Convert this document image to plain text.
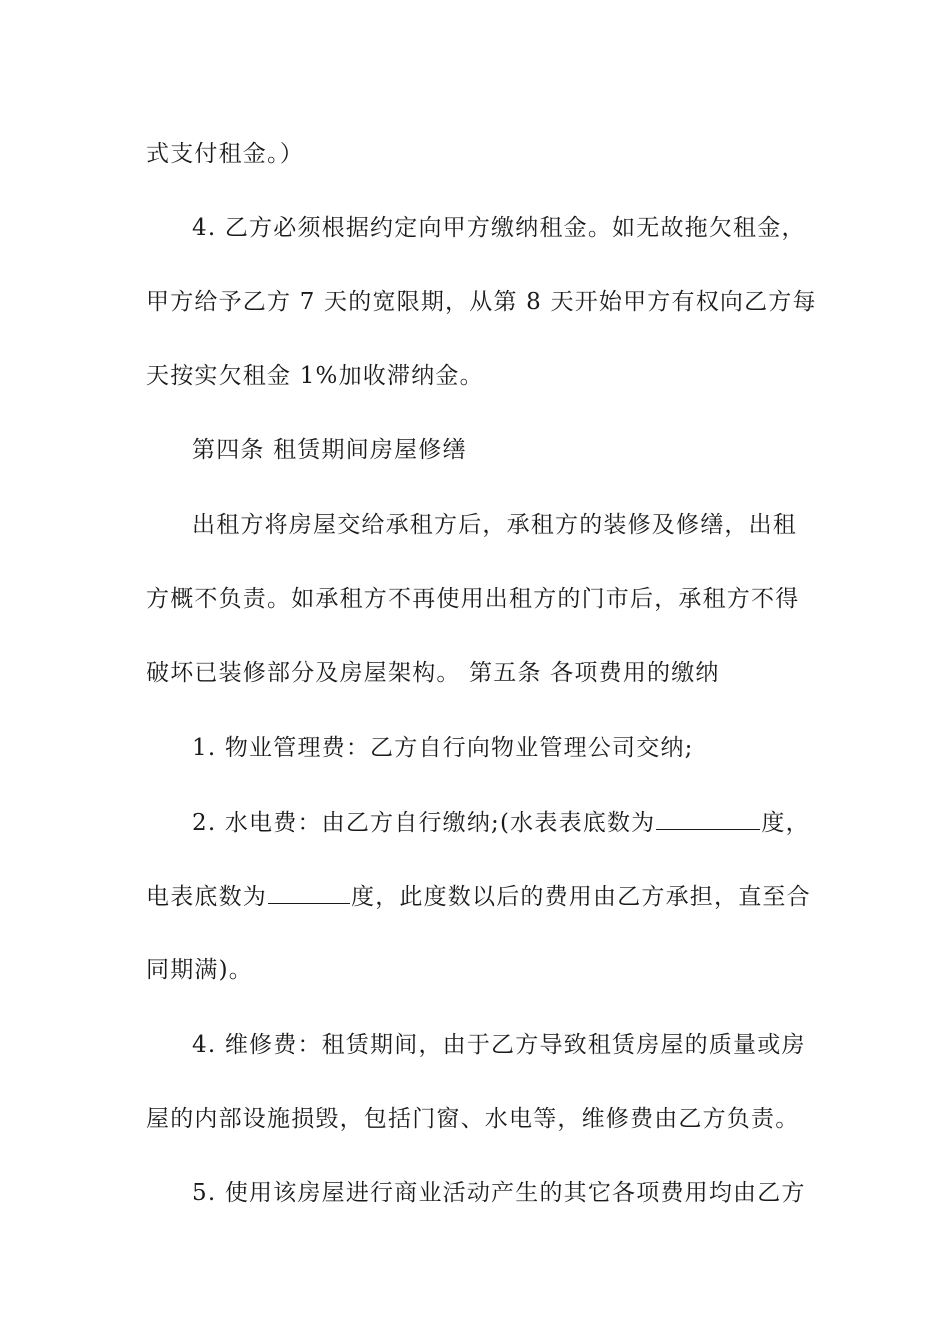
式支付租金。）
4. 乙方必须根据约定向甲方缴纳租金。如无故拖欠租金，
甲方给予乙方 7 天的宽限期，从第 8 天开始甲方有权向乙方每
天按实欠租金 1%加收滞纳金。
第四条 租赁期间房屋修缮
出租方将房屋交给承租方后，承租方的装修及修缮，出租
方概不负责。如承租方不再使用出租方的门市后，承租方不得
破坏已装修部分及房屋架构。 第五条 各项费用的缴纳
1. 物业管理费：乙方自行向物业管理公司交纳;
2. 水电费：由乙方自行缴纳;(水表表底数为	度，
电表底数为	度，此度数以后的费用由乙方承担，直至合
同期满)。
4. 维修费：租赁期间，由于乙方导致租赁房屋的质量或房
屋的内部设施损毁，包括门窗、水电等，维修费由乙方负责。
5. 使用该房屋进行商业活动产生的其它各项费用均由乙方
